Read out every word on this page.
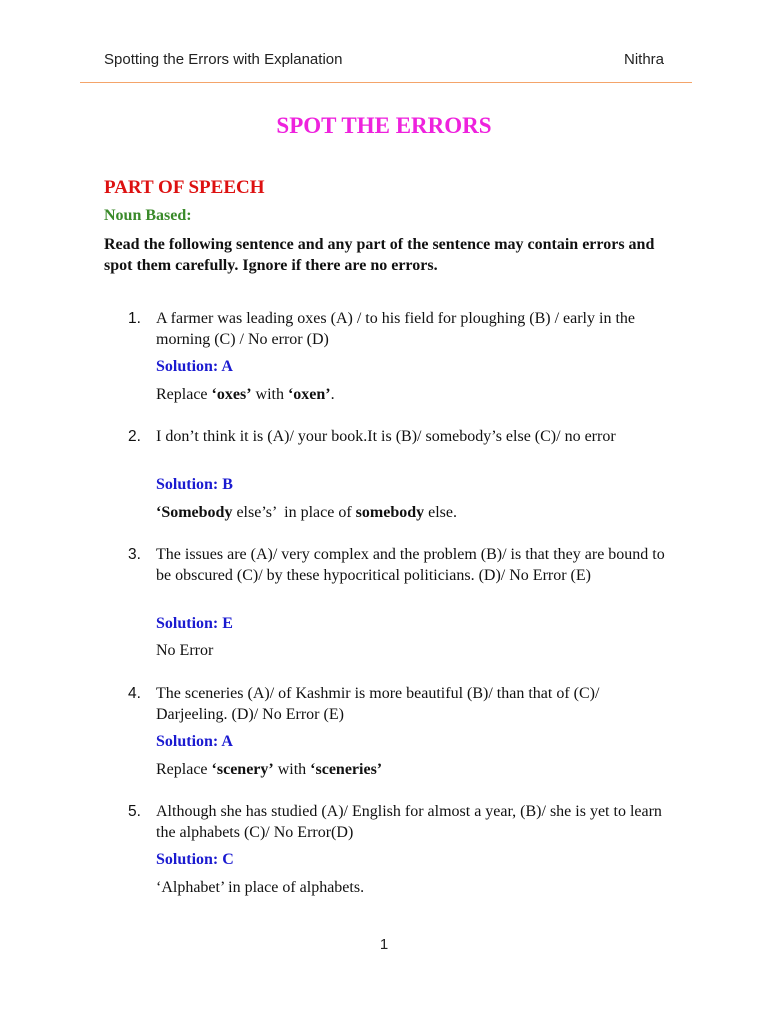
Spotting the Errors with Explanation	Nithra
SPOT THE ERRORS
PART OF SPEECH
Noun Based:
Read the following sentence and any part of the sentence may contain errors and spot them carefully. Ignore if there are no errors.
1. A farmer was leading oxes (A) / to his field for ploughing (B) / early in the morning (C) / No error (D)
Solution: A
Replace ‘oxes’ with ‘oxen’.
2. I don’t think it is (A)/ your book.It is (B)/ somebody’s else (C)/ no error
Solution: B
‘Somebody else’s’  in place of somebody else.
3. The issues are (A)/ very complex and the problem (B)/ is that they are bound to be obscured (C)/ by these hypocritical politicians. (D)/ No Error (E)
Solution: E
No Error
4. The sceneries (A)/ of Kashmir is more beautiful (B)/ than that of (C)/ Darjeeling. (D)/ No Error (E)
Solution: A
Replace ‘scenery’ with ‘sceneries’
5. Although she has studied (A)/ English for almost a year, (B)/ she is yet to learn the alphabets (C)/ No Error(D)
Solution: C
‘Alphabet’ in place of alphabets.
1
